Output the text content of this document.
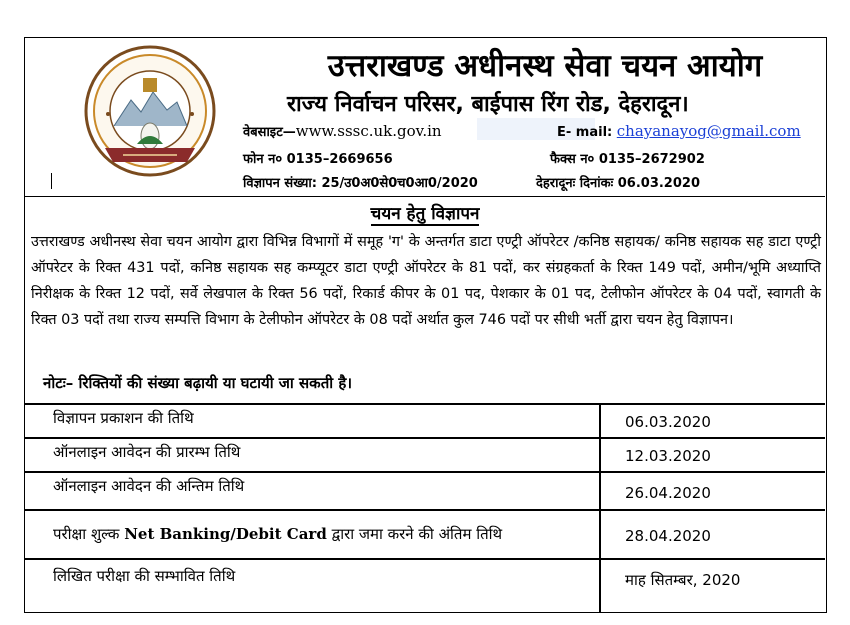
उत्तराखण्ड अधीनस्थ सेवा चयन आयोग
राज्य निर्वाचन परिसर, बाईपास रिंग रोड, देहरादून।
वेबसाइट—www.sssc.uk.gov.in	E- mail: chayanayog@gmail.com
फोन न० 0135–2669656	फैक्स न० 0135–2672902
विज्ञापन संख्या: 25/उ0अ0से0च0आ0/2020	देहरादूनः दिनांकः 06.03.2020
चयन हेतु विज्ञापन
उत्तराखण्ड अधीनस्थ सेवा चयन आयोग द्वारा विभिन्न विभागों में समूह 'ग' के अन्तर्गत डाटा एण्ट्री ऑपरेटर /कनिष्ठ सहायक/ कनिष्ठ सहायक सह डाटा एण्ट्री ऑपरेटर के रिक्त 431 पदों, कनिष्ठ सहायक सह कम्प्यूटर डाटा एण्ट्री ऑपरेटर के 81 पदों, कर संग्रहकर्ता के रिक्त 149 पदों, अमीन/भूमि अध्याप्ति निरीक्षक के रिक्त 12 पदों, सर्वे लेखपाल के रिक्त 56 पदों, रिकार्ड कीपर के 01 पद, पेशकार के 01 पद, टेलीफोन ऑपरेटर के 04 पदों, स्वागती के रिक्त 03 पदों तथा राज्य सम्पत्ति विभाग के टेलीफोन ऑपरेटर के 08 पदों अर्थात कुल 746 पदों पर सीधी भर्ती द्वारा चयन हेतु विज्ञापन।
नोटः– रिक्तियों की संख्या बढ़ायी या घटायी जा सकती है।
विज्ञापन प्रकाशन की तिथि	06.03.2020
ऑनलाइन आवेदन की प्रारम्भ तिथि	12.03.2020
ऑनलाइन आवेदन की अन्तिम तिथि	26.04.2020
परीक्षा शुल्क Net Banking/Debit Card द्वारा जमा करने की अंतिम तिथि	28.04.2020
लिखित परीक्षा की सम्भावित तिथि	माह सितम्बर, 2020
